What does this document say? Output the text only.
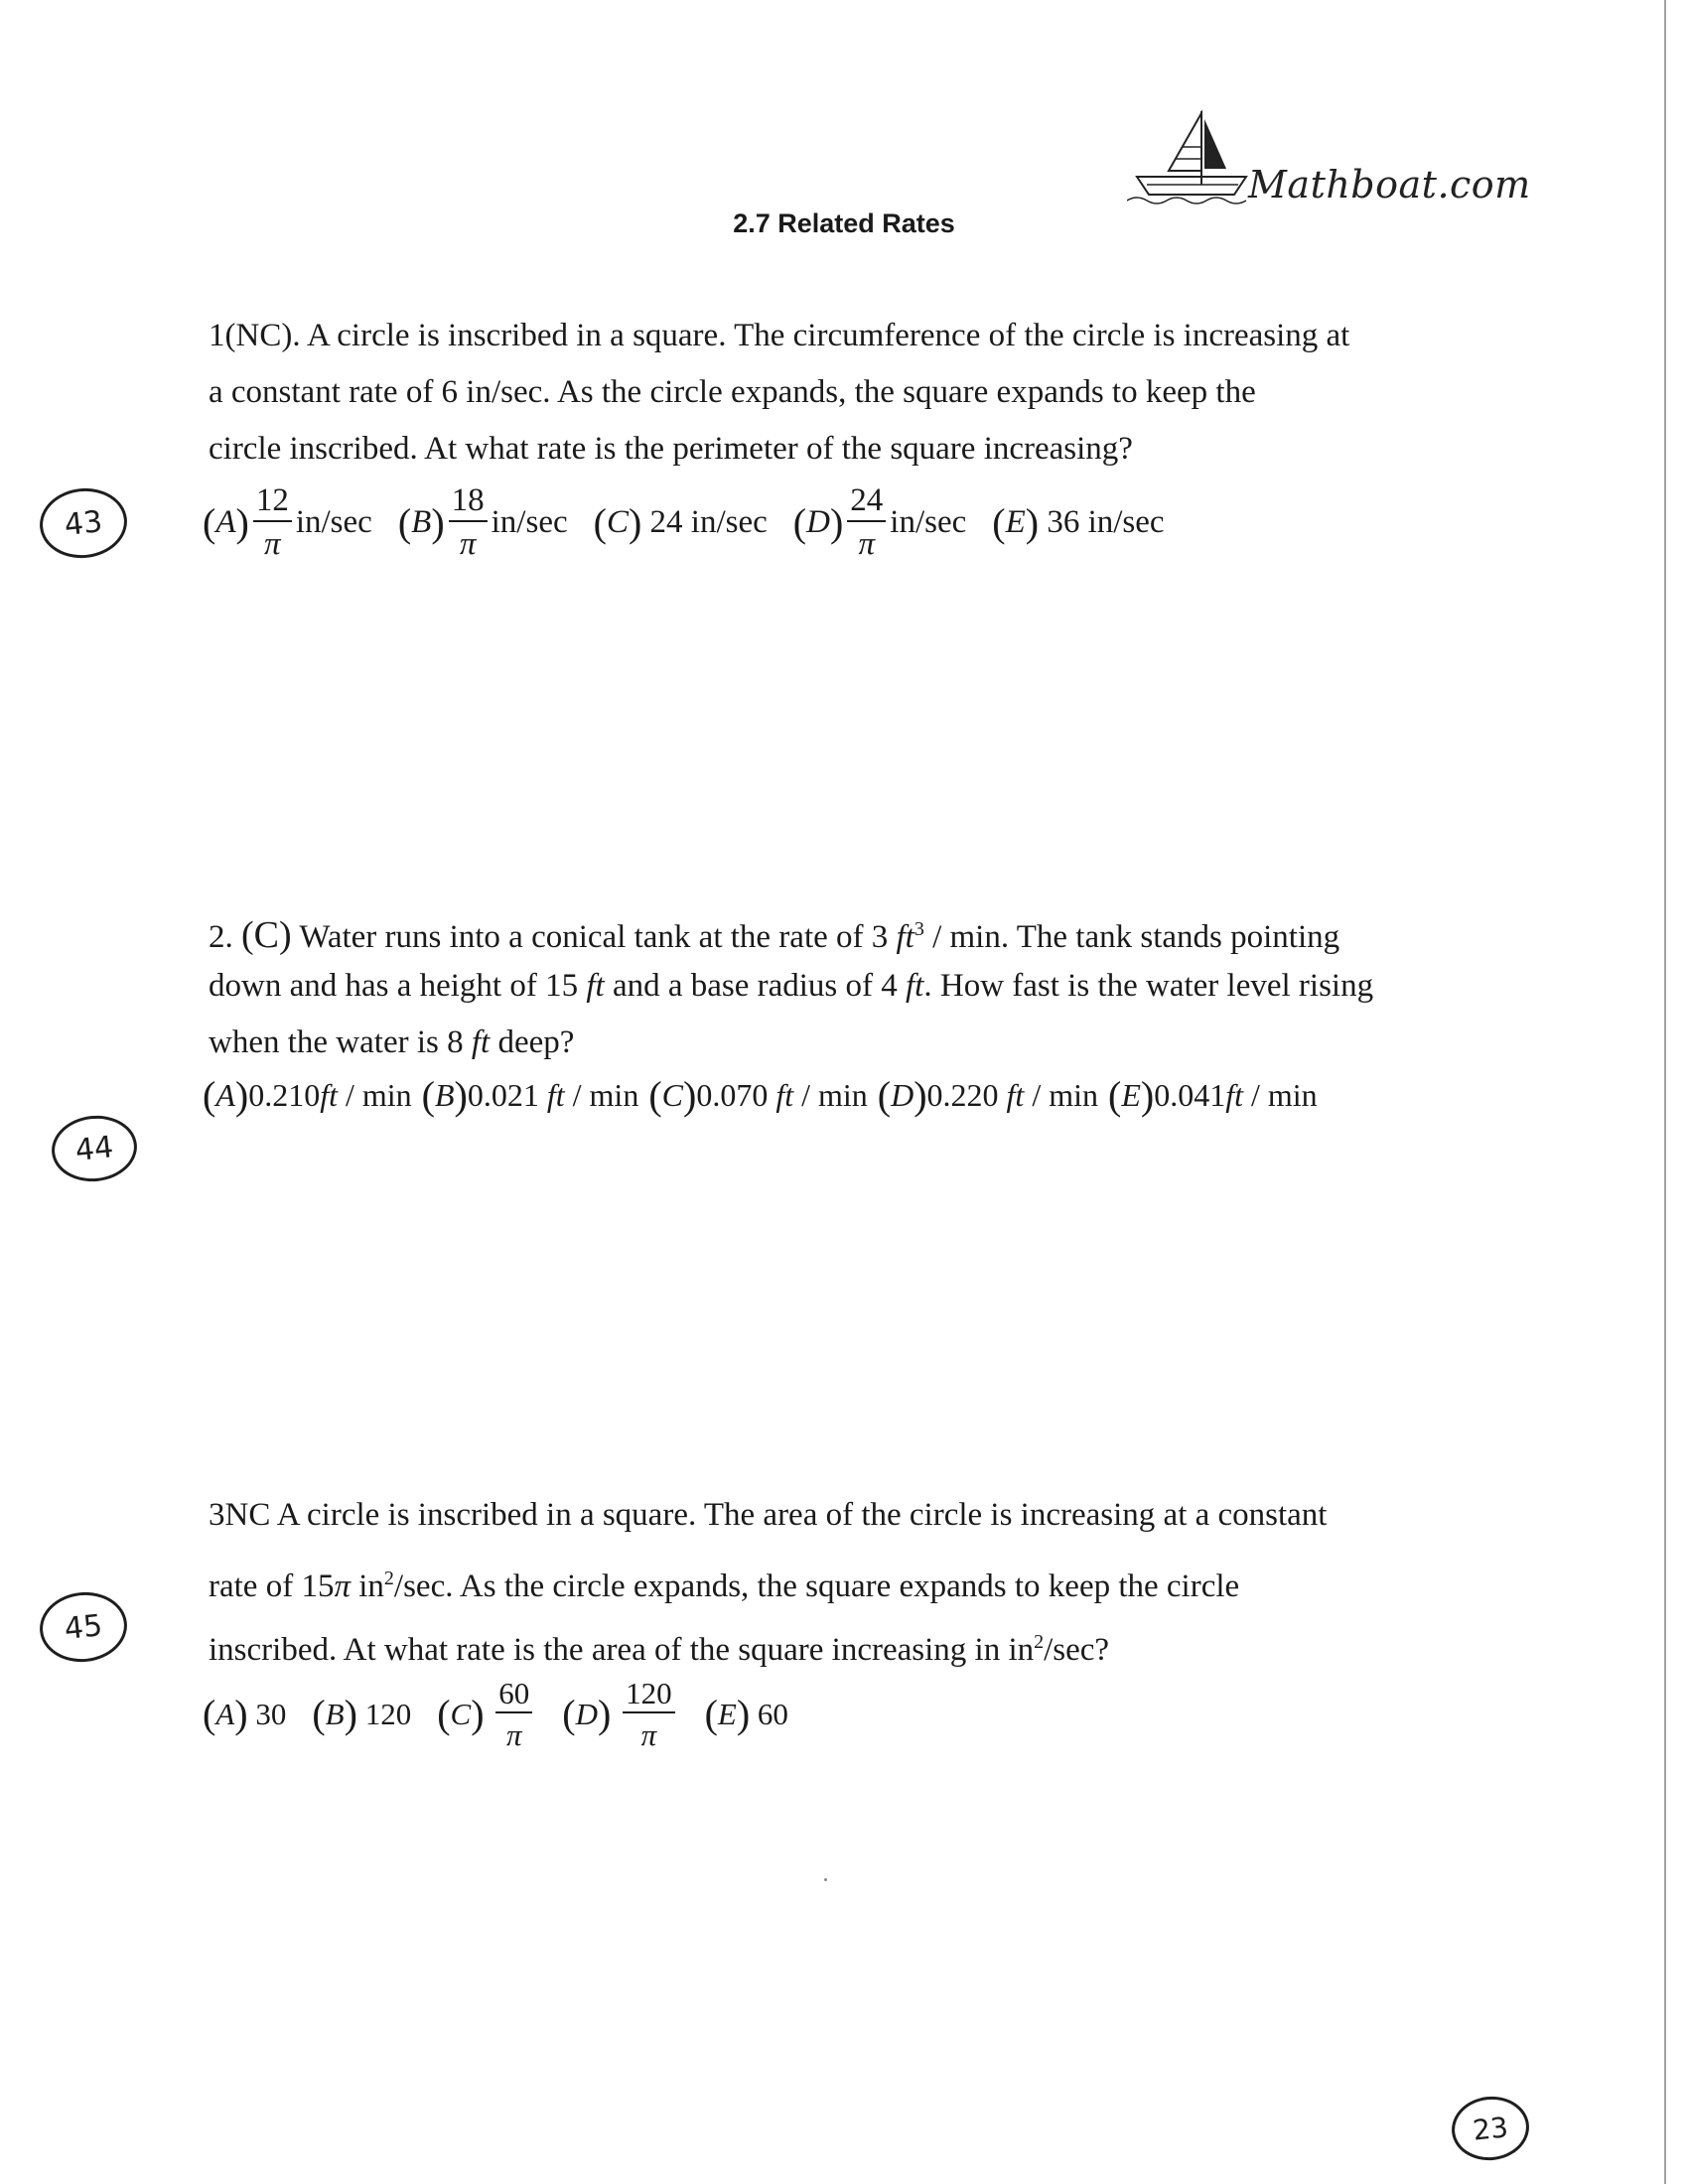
Mathboat.com
2.7 Related Rates
1(NC). A circle is inscribed in a square. The circumference of the circle is increasing at
a constant rate of 6 in/sec. As the circle expands, the square expands to keep the
circle inscribed. At what rate is the perimeter of the square increasing?
43	( A ) $\frac{12}{\pi} in/\sec$ ( B ) $\frac{18}{\pi} in/\sec$ ( C )
24 in/sec ( D ) $\frac{24}{\pi} in/\sec$ ( E )
36 in/sec
2. (C) Water runs into a conical tank at the rate of 3 $ft^3$ / min. The tank stands pointing
down and has a height of 15 ft and a base radius of 4 ft. How fast is the water level rising
when the water is 8 ft deep?
( A ) 0.210 ft
/ min ( B ) 0.021
ft
/ min ( C ) 0.070
ft
/ min ( D ) 0.220
ft
/ min ( E ) 0.041 ft
/ min
44
3NC A circle is inscribed in a square. The area of the circle is increasing at a constant
rate of 15π $in^2/\sec$. As the circle expands, the square expands to keep the circle
inscribed. At what rate is the area of the square increasing in $in^2/\sec$?
45
( A )
30 ( B )
120 ( C )
$\frac{60}{\pi}$ ( D )
$\frac{120}{\pi}$ ( E )
60
23
